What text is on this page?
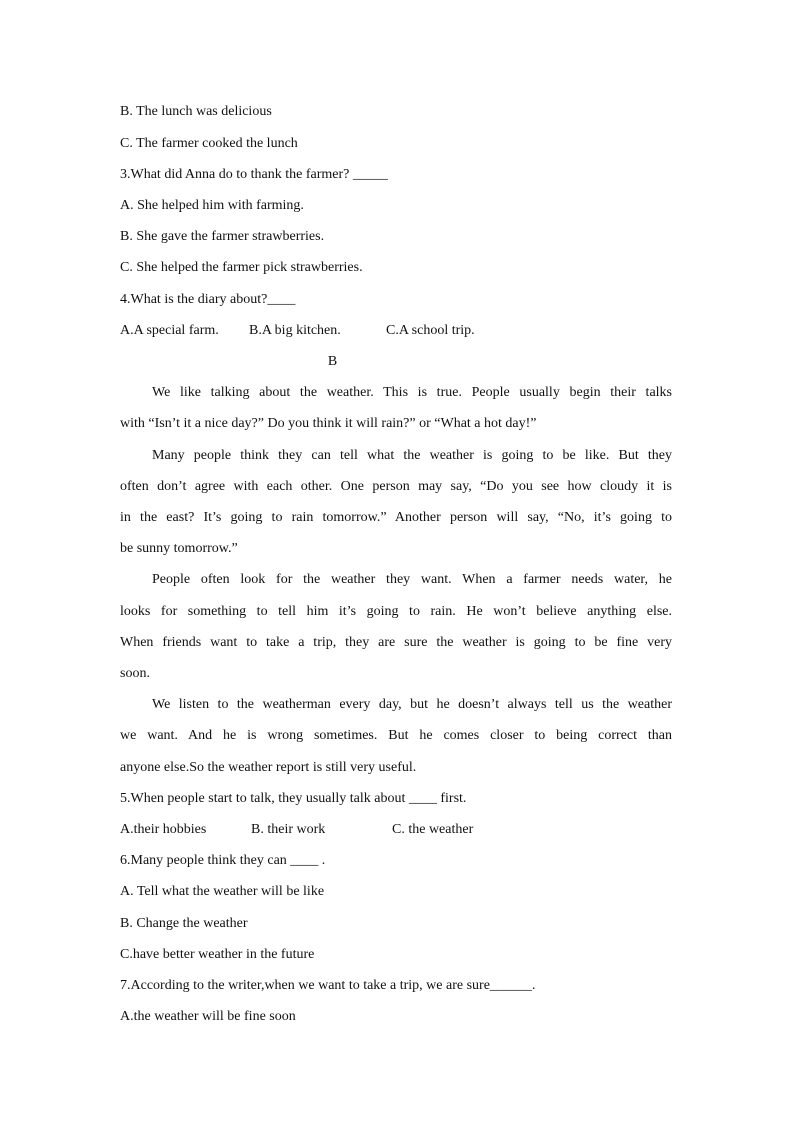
B. The lunch was delicious
C. The farmer cooked the lunch
3.What did Anna do to thank the farmer? _____
A. She helped him with farming.
B. She gave the farmer strawberries.
C. She helped the farmer pick strawberries.
4.What is the diary about?____
A.A special farm.	B.A big kitchen.	C.A school trip.
B
We like talking about the weather. This is true. People usually begin their talks
with “Isn’t it a nice day?” Do you think it will rain?” or “What a hot day!”
Many people think they can tell what the weather is going to be like. But they
often don’t agree with each other. One person may say, “Do you see how cloudy it is
in the east? It’s going to rain tomorrow.” Another person will say, “No, it’s going to
be sunny tomorrow.”
People often look for the weather they want. When a farmer needs water, he
looks for something to tell him it’s going to rain. He won’t believe anything else.
When friends want to take a trip, they are sure the weather is going to be fine very
soon.
We listen to the weatherman every day, but he doesn’t always tell us the weather
we want. And he is wrong sometimes. But he comes closer to being correct than
anyone else.So the weather report is still very useful.
5.When people start to talk, they usually talk about ____ first.
A.their hobbies	B. their work	C. the weather
6.Many people think they can ____ .
A. Tell what the weather will be like
B. Change the weather
C.have better weather in the future
7.According to the writer,when we want to take a trip, we are sure______.
A.the weather will be fine soon
